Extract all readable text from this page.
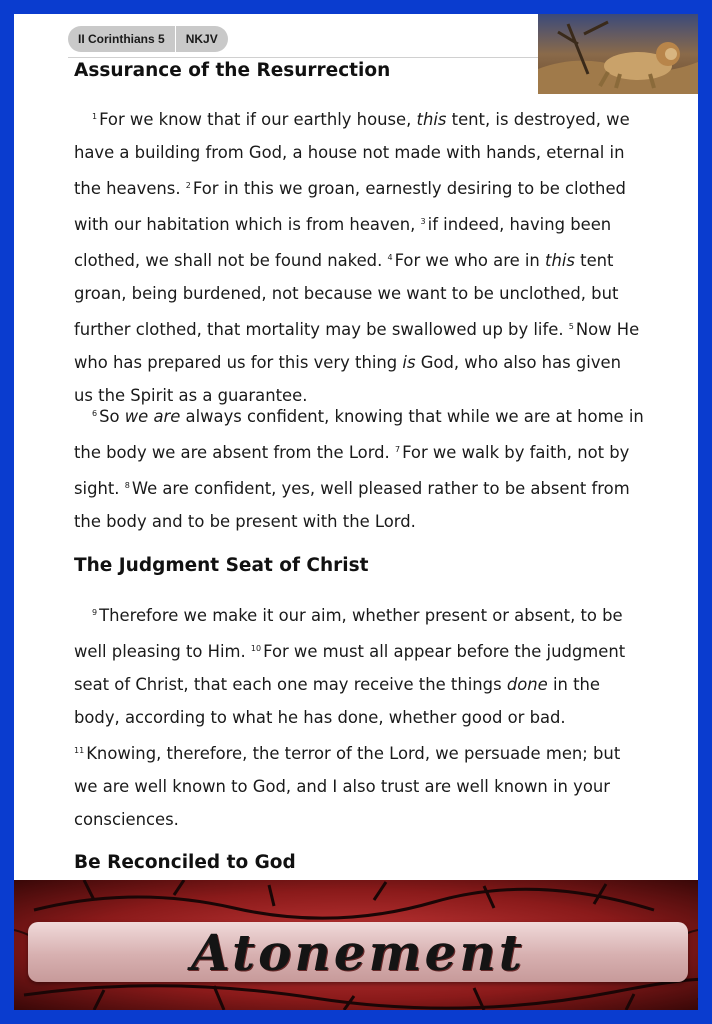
II Corinthians 5	NKJV
Assurance of the Resurrection

$^1$ For we know that if our earthly house, this tent, is destroyed, we have a building from God, a house not made with hands, eternal in the heavens. $^2$ For in this we groan, earnestly desiring to be clothed with our habitation which is from heaven, $^3$ if indeed, having been clothed, we shall not be found naked. $^4$ For we who are in this tent groan, being burdened, not because we want to be unclothed, but further clothed, that mortality may be swallowed up by life. $^5$ Now He who has prepared us for this very thing is God, who also has given us the Spirit as a guarantee.

$^6$ So we are always confident, knowing that while we are at home in the body we are absent from the Lord. $^7$ For we walk by faith, not by sight. $^8$ We are confident, yes, well pleased rather to be absent from the body and to be present with the Lord.

The Judgment Seat of Christ

$^9$ Therefore we make it our aim, whether present or absent, to be well pleasing to Him. $^{10}$ For we must all appear before the judgment seat of Christ, that each one may receive the things done in the body, according to what he has done, whether good or bad. $^{11}$ Knowing, therefore, the terror of the Lord, we persuade men; but we are well known to God, and I also trust are well known in your consciences.

Be Reconciled to God
Atonement
